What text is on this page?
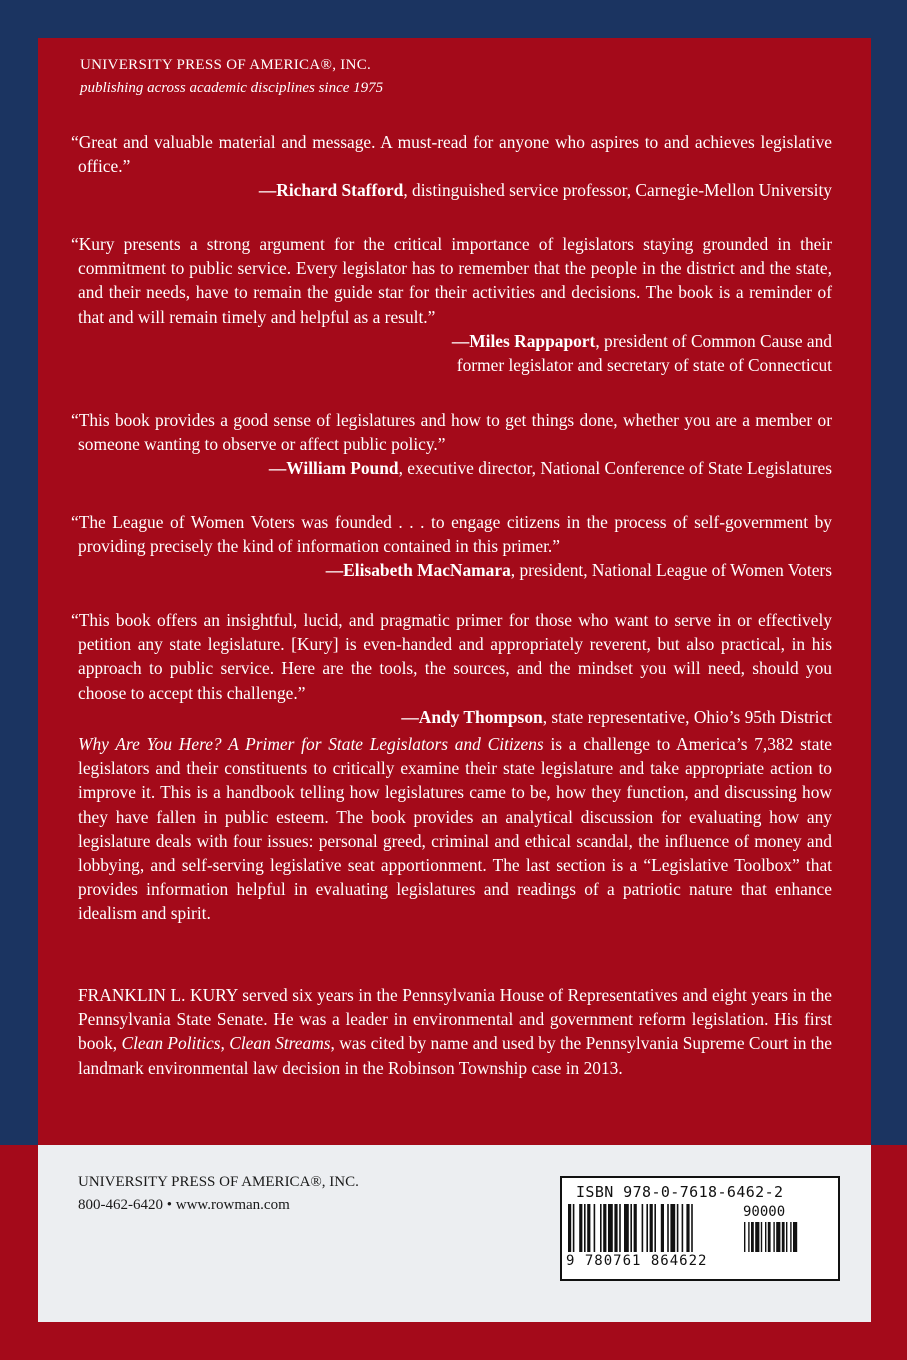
UNIVERSITY PRESS OF AMERICA®, INC.
publishing across academic disciplines since 1975

“Great and valuable material and message. A must-read for anyone who aspires to and achieves legislative office.”

—Richard Stafford, distinguished service professor, Carnegie-Mellon University

“Kury presents a strong argument for the critical importance of legislators staying grounded in their commitment to public service. Every legislator has to remember that the people in the district and the state, and their needs, have to remain the guide star for their activities and decisions. The book is a reminder of that and will remain timely and helpful as a result.”

—Miles Rappaport, president of Common Cause and
former legislator and secretary of state of Connecticut

“This book provides a good sense of legislatures and how to get things done, whether you are a member or someone wanting to observe or affect public policy.”

—William Pound, executive director, National Conference of State Legislatures

“The League of Women Voters was founded . . . to engage citizens in the process of self-government by providing precisely the kind of information contained in this primer.”

—Elisabeth MacNamara, president, National League of Women Voters

“This book offers an insightful, lucid, and pragmatic primer for those who want to serve in or effectively petition any state legislature. [Kury] is even-handed and appropriately reverent, but also practical, in his approach to public service. Here are the tools, the sources, and the mindset you will need, should you choose to accept this challenge.”

—Andy Thompson, state representative, Ohio’s 95th District

Why Are You Here? A Primer for State Legislators and Citizens is a challenge to America’s 7,382 state legislators and their constituents to critically examine their state legislature and take appropriate action to improve it. This is a handbook telling how legislatures came to be, how they function, and discussing how they have fallen in public esteem. The book provides an analytical discussion for evaluating how any legislature deals with four issues: personal greed, criminal and ethical scandal, the influence of money and lobbying, and self-serving legislative seat apportionment. The last section is a “Legislative Toolbox” that provides information helpful in evaluating legislatures and readings of a patriotic nature that enhance idealism and spirit.

FRANKLIN L. KURY served six years in the Pennsylvania House of Representatives and eight years in the Pennsylvania State Senate. He was a leader in environmental and government reform legislation. His first book, Clean Politics, Clean Streams, was cited by name and used by the Pennsylvania Supreme Court in the landmark environmental law decision in the Robinson Township case in 2013.

UNIVERSITY PRESS OF AMERICA®, INC.
800-462-6420 • www.rowman.com
ISBN 978-0-7618-6462-2
90000
9 780761 864622
